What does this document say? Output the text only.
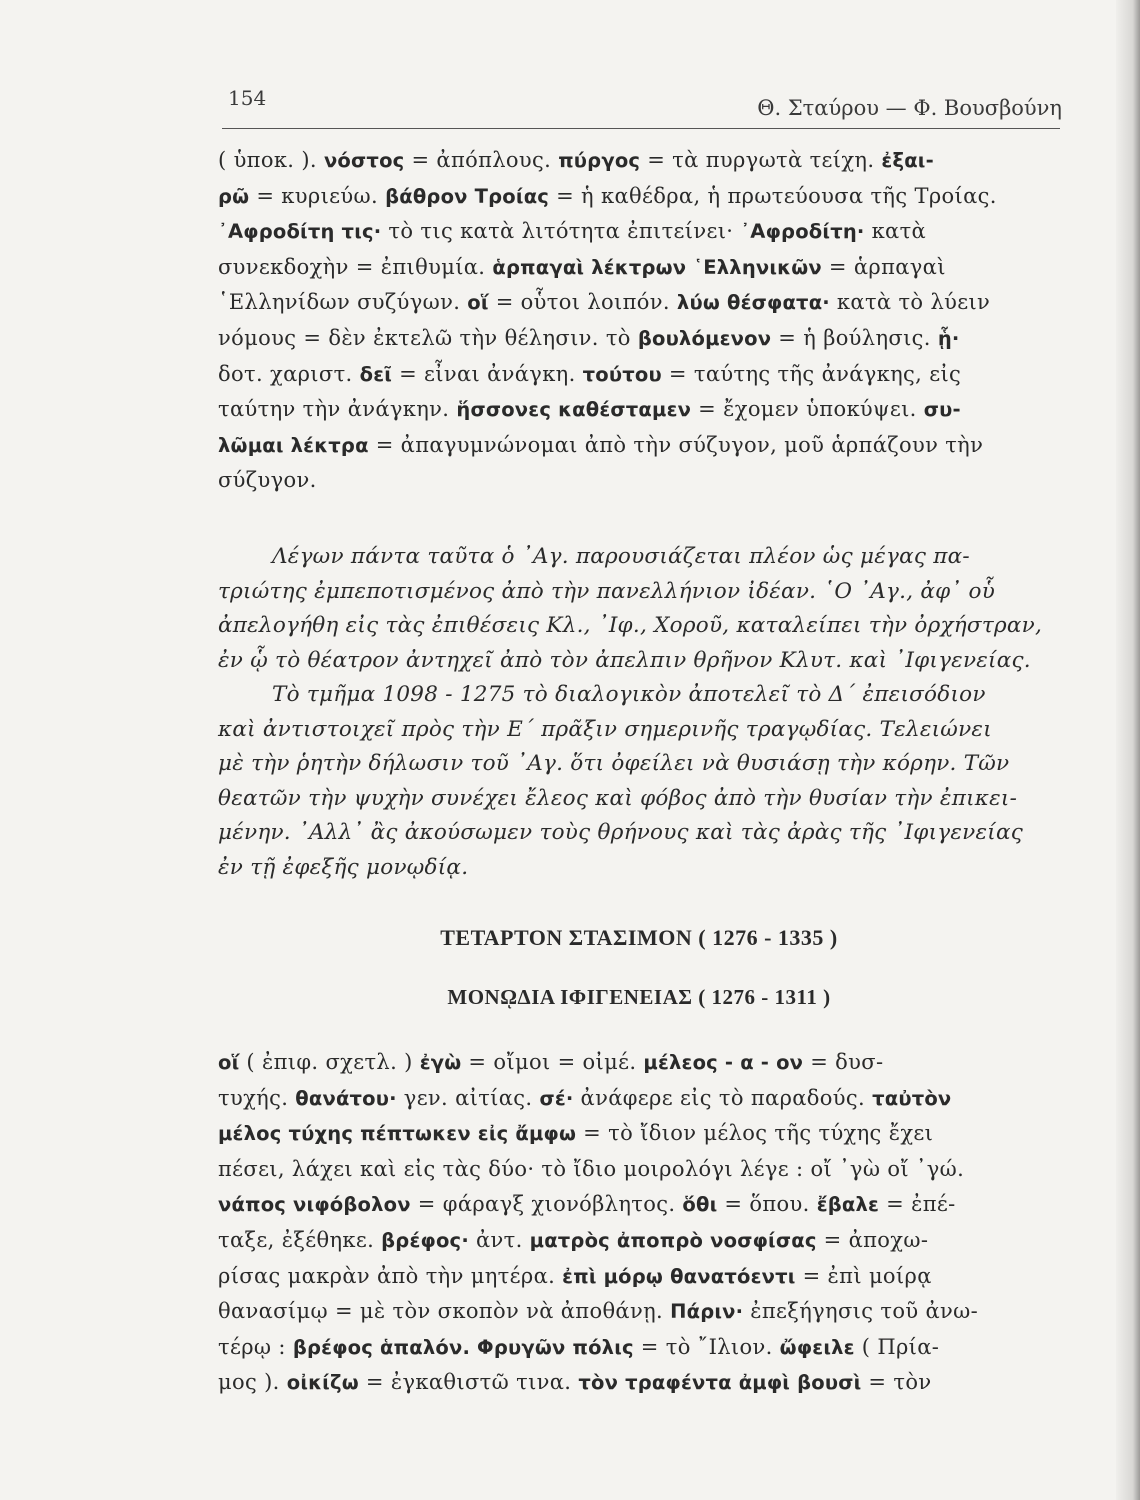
154	Θ. Σταύρου — Φ. Βουσβούνη
( ὑποκ. ). νόστος = ἀπόπλους. πύργος = τὰ πυργωτὰ τείχη. ἐξαι-
ρῶ = κυριεύω. βάθρον Τροίας = ἡ καθέδρα, ἡ πρωτεύουσα τῆς Τροίας.
᾽Αφροδίτη τις· τὸ τις κατὰ λιτότητα ἐπιτείνει· ᾽Αφροδίτη· κατὰ
συνεκδοχὴν = ἐπιθυμία. ἁρπαγαὶ λέκτρων ῾Ελληνικῶν = ἁρπαγαὶ
῾Ελληνίδων συζύγων. οἵ = οὗτοι λοιπόν. λύω θέσφατα· κατὰ τὸ λύειν
νόμους = δὲν ἐκτελῶ τὴν θέλησιν. τὸ βουλόμενον = ἡ βούλησις. ᾗ·
δοτ. χαριστ. δεῖ = εἶναι ἀνάγκη. τούτου = ταύτης τῆς ἀνάγκης, εἰς
ταύτην τὴν ἀνάγκην. ἥσσονες καθέσταμεν = ἔχομεν ὑποκύψει. συ-
λῶμαι λέκτρα = ἀπαγυμνώνομαι ἀπὸ τὴν σύζυγον, μοῦ ἁρπάζουν τὴν
σύζυγον.
Λέγων πάντα ταῦτα ὁ ᾽Αγ. παρουσιάζεται πλέον ὡς μέγας πα-
τριώτης ἐμπεποτισμένος ἀπὸ τὴν πανελλήνιον ἰδέαν. ῾Ο ᾽Αγ., ἀφ᾽ οὗ
ἀπελογήθη εἰς τὰς ἐπιθέσεις Κλ., ᾽Ιφ., Χοροῦ, καταλείπει τὴν ὀρχήστραν,
ἐν ᾧ τὸ θέατρον ἀντηχεῖ ἀπὸ τὸν ἀπελπιν θρῆνον Κλυτ. καὶ ᾽Ιφιγενείας.
Τὸ τμῆμα 1098 - 1275 τὸ διαλογικὸν ἀποτελεῖ τὸ Δ΄ ἐπεισόδιον
καὶ ἀντιστοιχεῖ πρὸς τὴν Ε΄ πρᾶξιν σημερινῆς τραγῳδίας. Τελειώνει
μὲ τὴν ῥητὴν δήλωσιν τοῦ ᾽Αγ. ὅτι ὀφείλει νὰ θυσιάσῃ τὴν κόρην. Τῶν
θεατῶν τὴν ψυχὴν συνέχει ἔλεος καὶ φόβος ἀπὸ τὴν θυσίαν τὴν ἐπικει-
μένην. ᾽Αλλ᾽ ἂς ἀκούσωμεν τοὺς θρήνους καὶ τὰς ἀρὰς τῆς ᾽Ιφιγενείας
ἐν τῇ ἐφεξῆς μονῳδίᾳ.
ΤΕΤΑΡΤΟΝ ΣΤΑΣΙΜΟΝ ( 1276 - 1335 )
ΜΟΝῼΔΙΑ ΙΦΙΓΕΝΕΙΑΣ ( 1276 - 1311 )
οἵ ( ἐπιφ. σχετλ. ) ἐγὼ = οἴμοι = οἰμέ. μέλεος - α - ον = δυσ-
τυχής. θανάτου· γεν. αἰτίας. σέ· ἀνάφερε εἰς τὸ παραδούς. ταὐτὸν
μέλος τύχης πέπτωκεν εἰς ἄμφω = τὸ ἴδιον μέλος τῆς τύχης ἔχει
πέσει, λάχει καὶ εἰς τὰς δύο· τὸ ἴδιο μοιρολόγι λέγε : οἴ ᾽γὼ οἴ ᾽γώ.
νάπος νιφόβολον = φάραγξ χιονόβλητος. ὅθι = ὅπου. ἔβαλε = ἐπέ-
ταξε, ἐξέθηκε. βρέφος· ἀντ. ματρὸς ἀποπρὸ νοσφίσας = ἀποχω-
ρίσας μακρὰν ἀπὸ τὴν μητέρα. ἐπὶ μόρῳ θανατόεντι = ἐπὶ μοίρᾳ
θανασίμῳ = μὲ τὸν σκοπὸν νὰ ἀποθάνῃ. Πάριν· ἐπεξήγησις τοῦ ἀνω-
τέρῳ : βρέφος ἁπαλόν. Φρυγῶν πόλις = τὸ ῎Ιλιον. ὤφειλε ( Πρία-
μος ). οἰκίζω = ἐγκαθιστῶ τινα. τὸν τραφέντα ἀμφὶ βουσὶ = τὸν
